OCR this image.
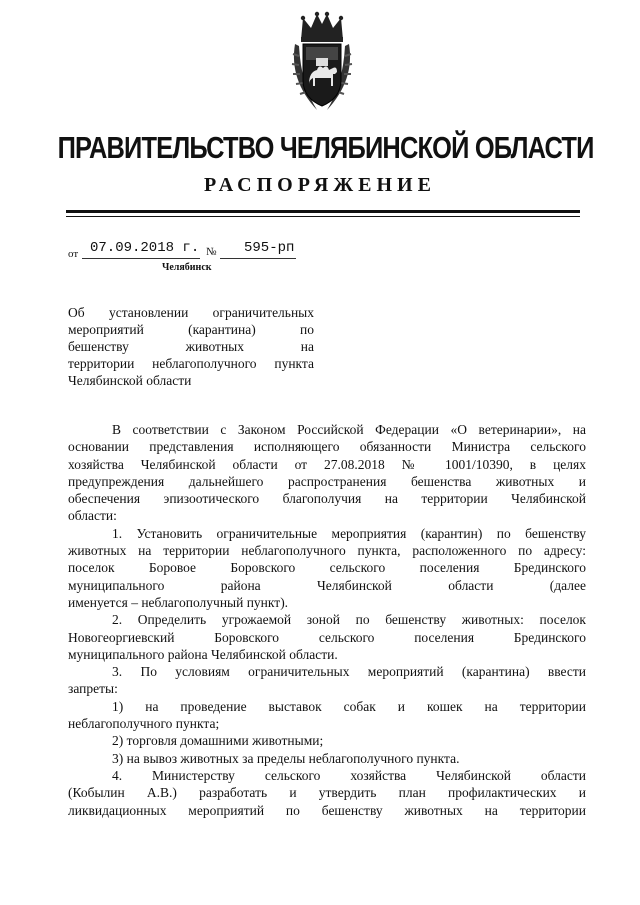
ПРАВИТЕЛЬСТВО ЧЕЛЯБИНСКОЙ ОБЛАСТИ
РАСПОРЯЖЕНИЕ
от 07.09.2018 г. № 595-рп
Челябинск
Об установлении ограничительных
мероприятий (карантина) по
бешенству животных на
территории неблагополучного пункта
Челябинской области

В соответствии с Законом Российской Федерации «О ветеринарии», на

основании представления исполняющего обязанности Министра сельского

хозяйства Челябинской области от 27.08.2018 № 1001/10390, в целях

предупреждения дальнейшего распространения бешенства животных и

обеспечения эпизоотического благополучия на территории Челябинской

области:

1. Установить ограничительные мероприятия (карантин) по бешенству

животных на территории неблагополучного пункта, расположенного по адресу:

поселок Боровое Боровского сельского поселения Брединского

муниципального района Челябинской области (далее

именуется – неблагополучный пункт).

2. Определить угрожаемой зоной по бешенству животных: поселок

Новогеоргиевский Боровского сельского поселения Брединского

муниципального района Челябинской области.

3. По условиям ограничительных мероприятий (карантина) ввести

запреты:

1) на проведение выставок собак и кошек на территории

неблагополучного пункта;

2) торговля домашними животными;

3) на вывоз животных за пределы неблагополучного пункта.

4. Министерству сельского хозяйства Челябинской области

(Кобылин А.В.) разработать и утвердить план профилактических и

ликвидационных мероприятий по бешенству животных на территории
